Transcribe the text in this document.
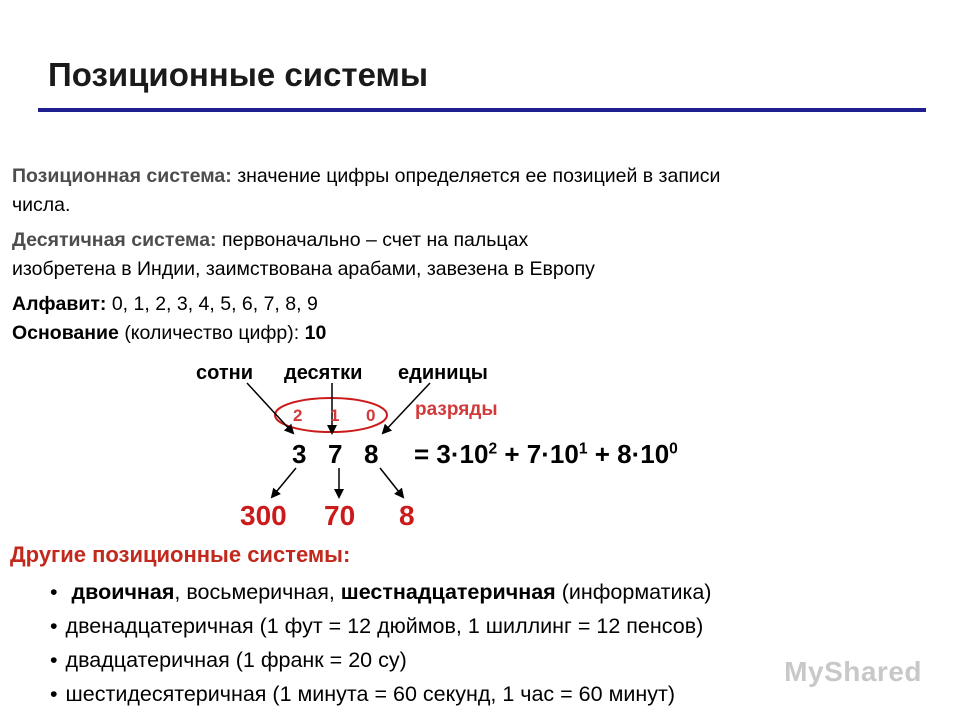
Позиционные системы
Позиционная система: значение цифры определяется ее позицией в записи
числа.
Десятичная система: первоначально – счет на пальцах
изобретена в Индии, заимствована арабами, завезена в Европу
Алфавит: 0, 1, 2, 3, 4, 5, 6, 7, 8, 9
Основание (количество цифр): 10
сотни десятки единицы
2 1 0 разряды
3 7 $8 = 3\cdot 10^2 + 7\cdot 10^1 + 8\cdot 10^0$
300 70 8
Другие позиционные системы:
• двоичная, восьмеричная, шестнадцатеричная (информатика)
• двенадцатеричная (1 фут = 12 дюймов, 1 шиллинг = 12 пенсов)
• двадцатеричная (1 франк = 20 су)
• шестидесятеричная (1 минута = 60 секунд, 1 час = 60 минут)
MyShared
